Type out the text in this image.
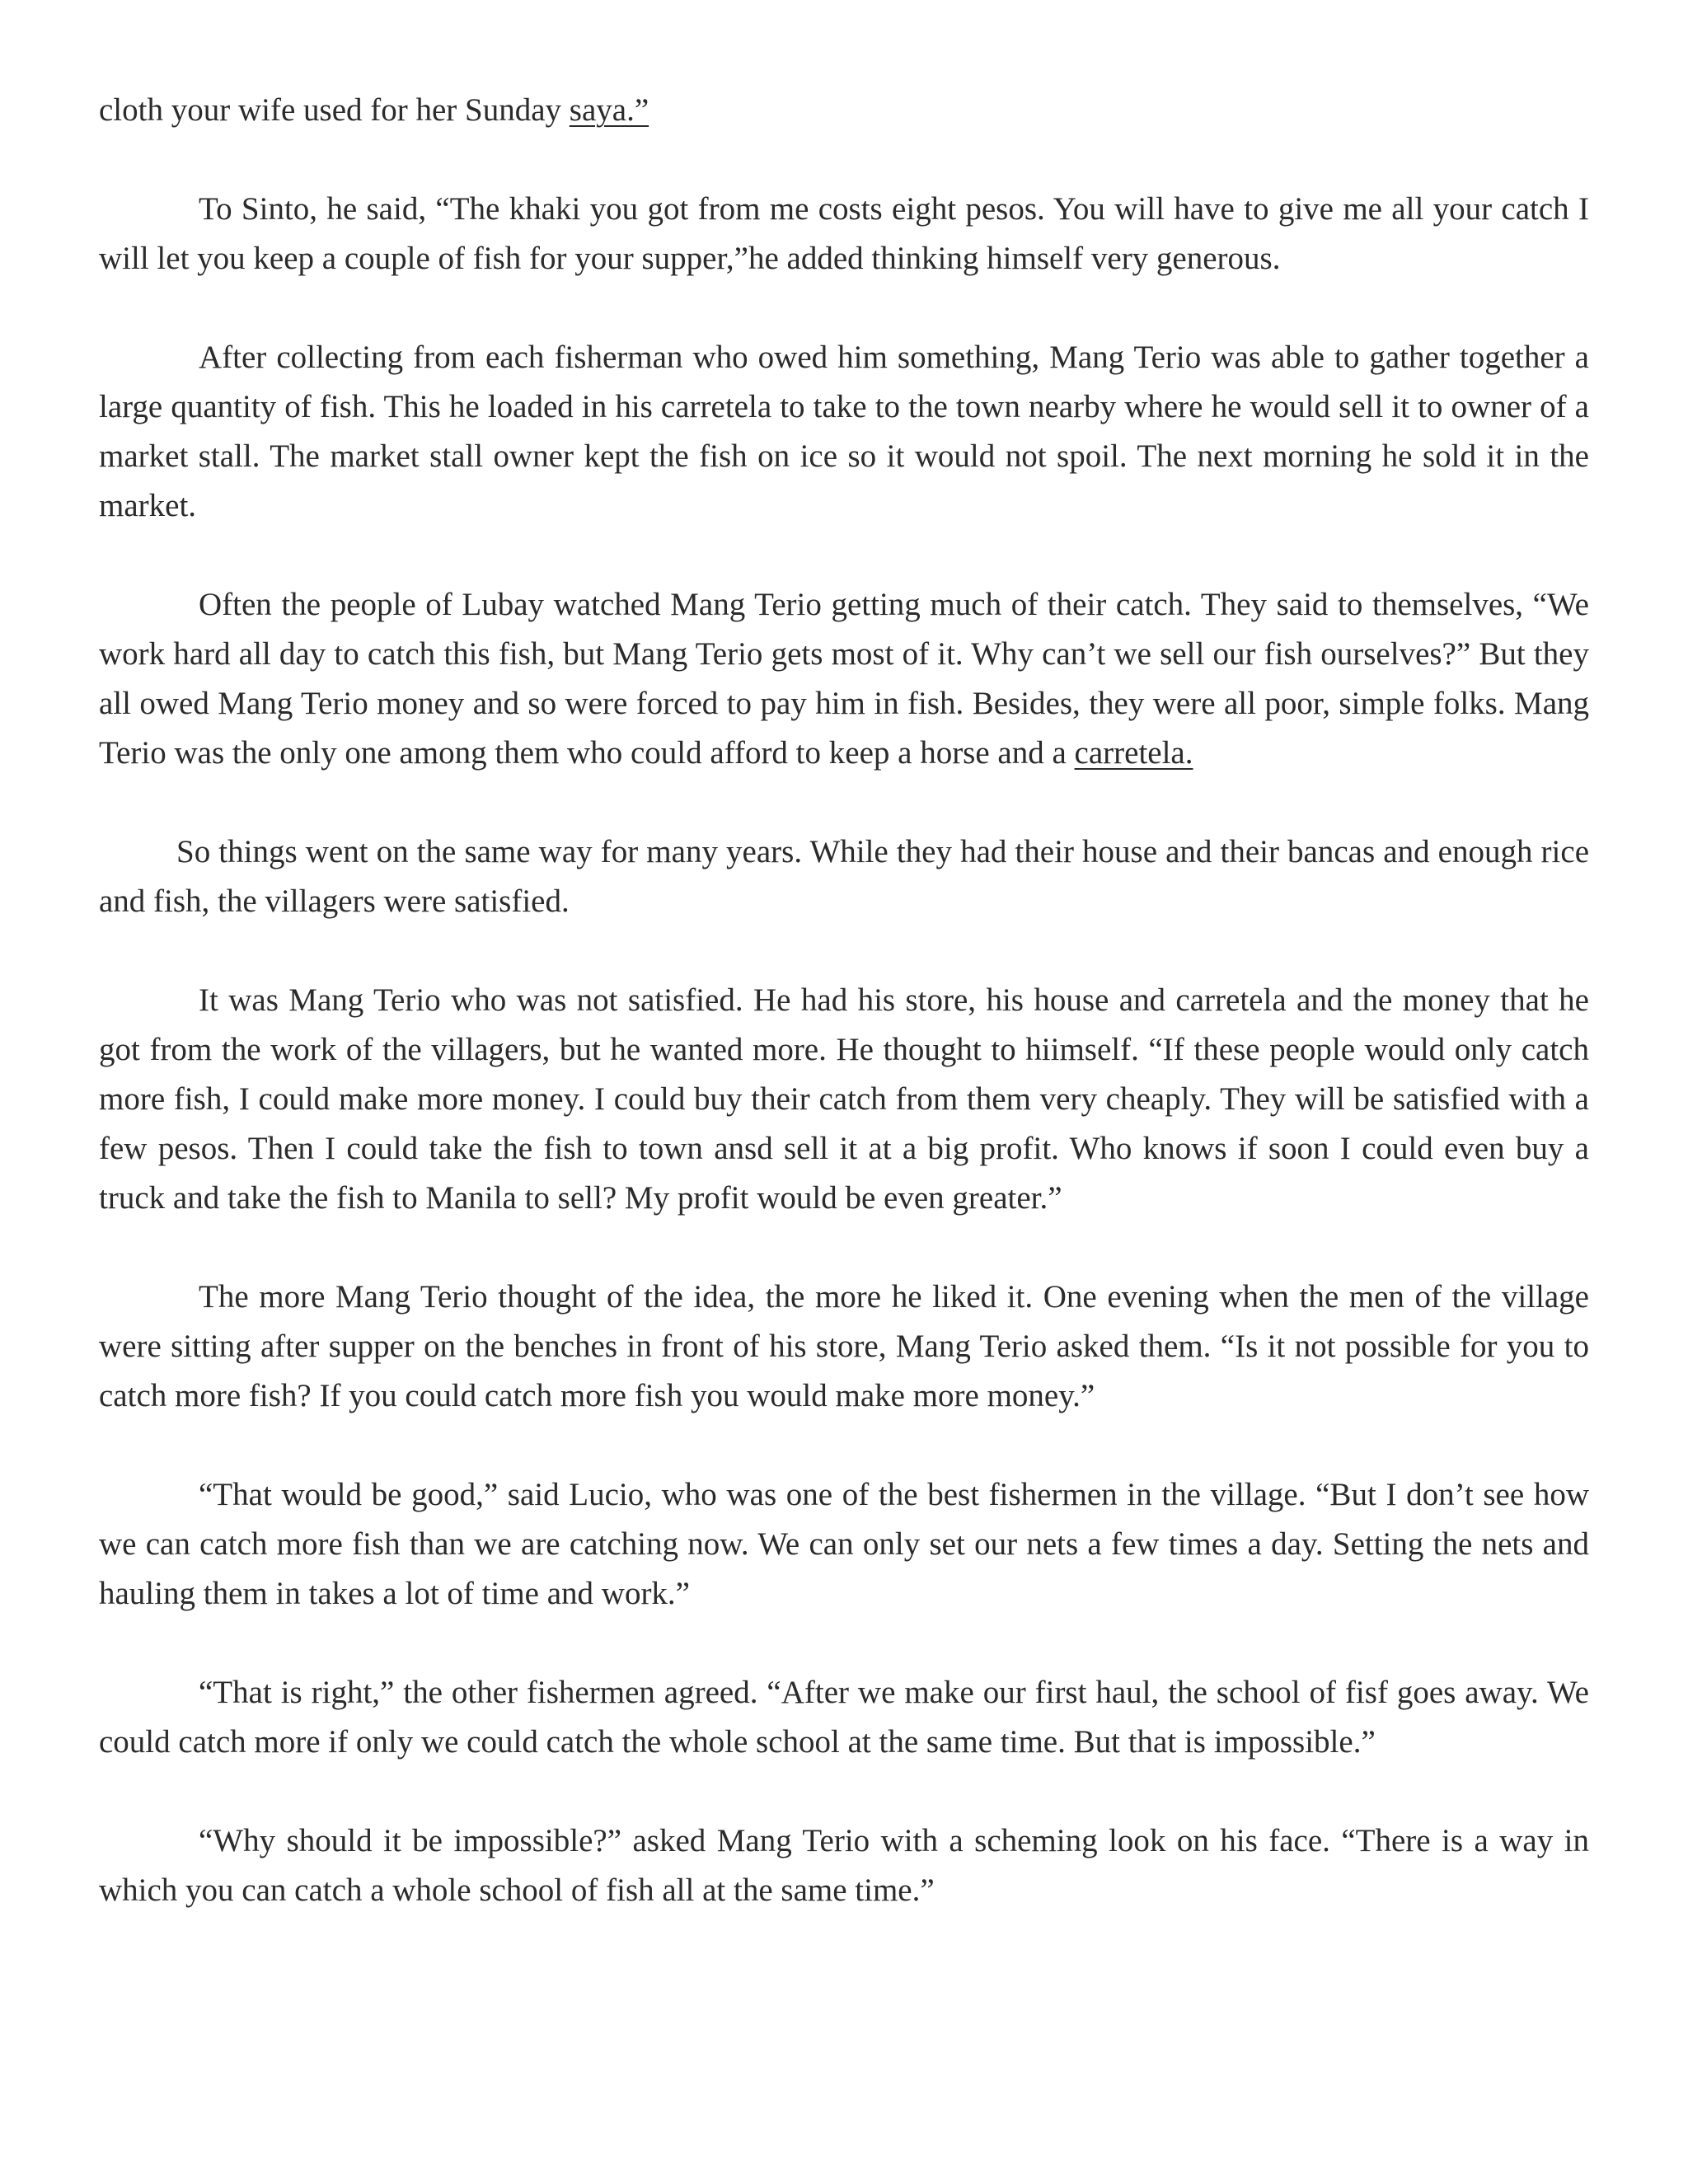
cloth your wife used for her Sunday saya.”

To Sinto, he said, “The khaki you got from me costs eight pesos. You will have to give me all your catch I will let you keep a couple of fish for your supper,”he added thinking himself very generous.

After collecting from each fisherman who owed him something, Mang Terio was able to gather together a large quantity of fish. This he loaded in his carretela to take to the town nearby where he would sell it to owner of a market stall. The market stall owner kept the fish on ice so it would not spoil. The next morning he sold it in the market.

Often the people of Lubay watched Mang Terio getting much of their catch. They said to themselves, “We work hard all day to catch this fish, but Mang Terio gets most of it. Why can’t we sell our fish ourselves?” But they all owed Mang Terio money and so were forced to pay him in fish. Besides, they were all poor, simple folks. Mang Terio was the only one among them who could afford to keep a horse and a carretela.

So things went on the same way for many years. While they had their house and their bancas and enough rice and fish, the villagers were satisfied.

It was Mang Terio who was not satisfied. He had his store, his house and carretela and the money that he got from the work of the villagers, but he wanted more. He thought to hiimself. “If these people would only catch more fish, I could make more money. I could buy their catch from them very cheaply. They will be satisfied with a few pesos. Then I could take the fish to town ansd sell it at a big profit. Who knows if soon I could even buy a truck and take the fish to Manila to sell? My profit would be even greater.”

The more Mang Terio thought of the idea, the more he liked it. One evening when the men of the village were sitting after supper on the benches in front of his store, Mang Terio asked them. “Is it not possible for you to catch more fish? If you could catch more fish you would make more money.”

“That would be good,” said Lucio, who was one of the best fishermen in the village. “But I don’t see how we can catch more fish than we are catching now. We can only set our nets a few times a day. Setting the nets and hauling them in takes a lot of time and work.”

“That is right,” the other fishermen agreed. “After we make our first haul, the school of fisf goes away. We could catch more if only we could catch the whole school at the same time. But that is impossible.”

“Why should it be impossible?” asked Mang Terio with a scheming look on his face. “There is a way in which you can catch a whole school of fish all at the same time.”
